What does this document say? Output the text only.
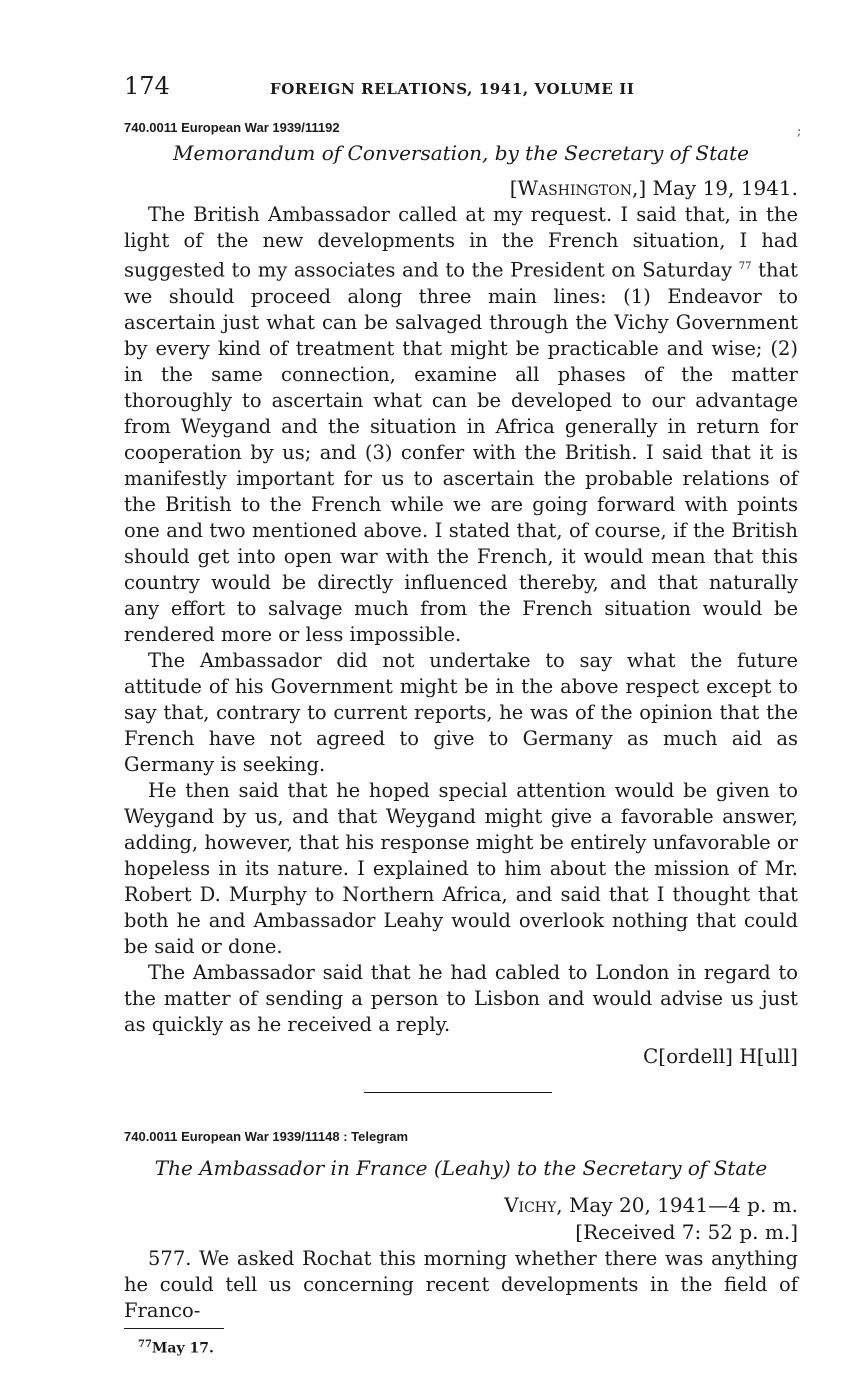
;
174	FOREIGN RELATIONS, 1941, VOLUME II
740.0011 European War 1939/11192
Memorandum of Conversation, by the Secretary of State
[Washington,] May 19, 1941.

The British Ambassador called at my request. I said that, in the light of the new developments in the French situation, I had suggested to my associates and to the President on Saturday $^{77}$ that we should proceed along three main lines: (1) Endeavor to ascertain just what can be salvaged through the Vichy Government by every kind of treatment that might be practicable and wise; (2) in the same connection, examine all phases of the matter thoroughly to ascertain what can be developed to our advantage from Weygand and the situation in Africa generally in return for cooperation by us; and (3) confer with the British. I said that it is manifestly important for us to ascertain the probable relations of the British to the French while we are going forward with points one and two mentioned above. I stated that, of course, if the British should get into open war with the French, it would mean that this country would be directly influenced thereby, and that naturally any effort to salvage much from the French situation would be rendered more or less impossible.

The Ambassador did not undertake to say what the future attitude of his Government might be in the above respect except to say that, contrary to current reports, he was of the opinion that the French have not agreed to give to Germany as much aid as Germany is seeking.

He then said that he hoped special attention would be given to Weygand by us, and that Weygand might give a favorable answer, adding, however, that his response might be entirely unfavorable or hopeless in its nature. I explained to him about the mission of Mr. Robert D. Murphy to Northern Africa, and said that I thought that both he and Ambassador Leahy would overlook nothing that could be said or done.

The Ambassador said that he had cabled to London in regard to the matter of sending a person to Lisbon and would advise us just as quickly as he received a reply.

C[ordell] H[ull]
740.0011 European War 1939/11148 : Telegram
The Ambassador in France (Leahy) to the Secretary of State
Vichy, May 20, 1941—4 p. m.
[Received 7: 52 p. m.]

577. We asked Rochat this morning whether there was anything he could tell us concerning recent developments in the field of Franco-

$^{77}$May 17.
